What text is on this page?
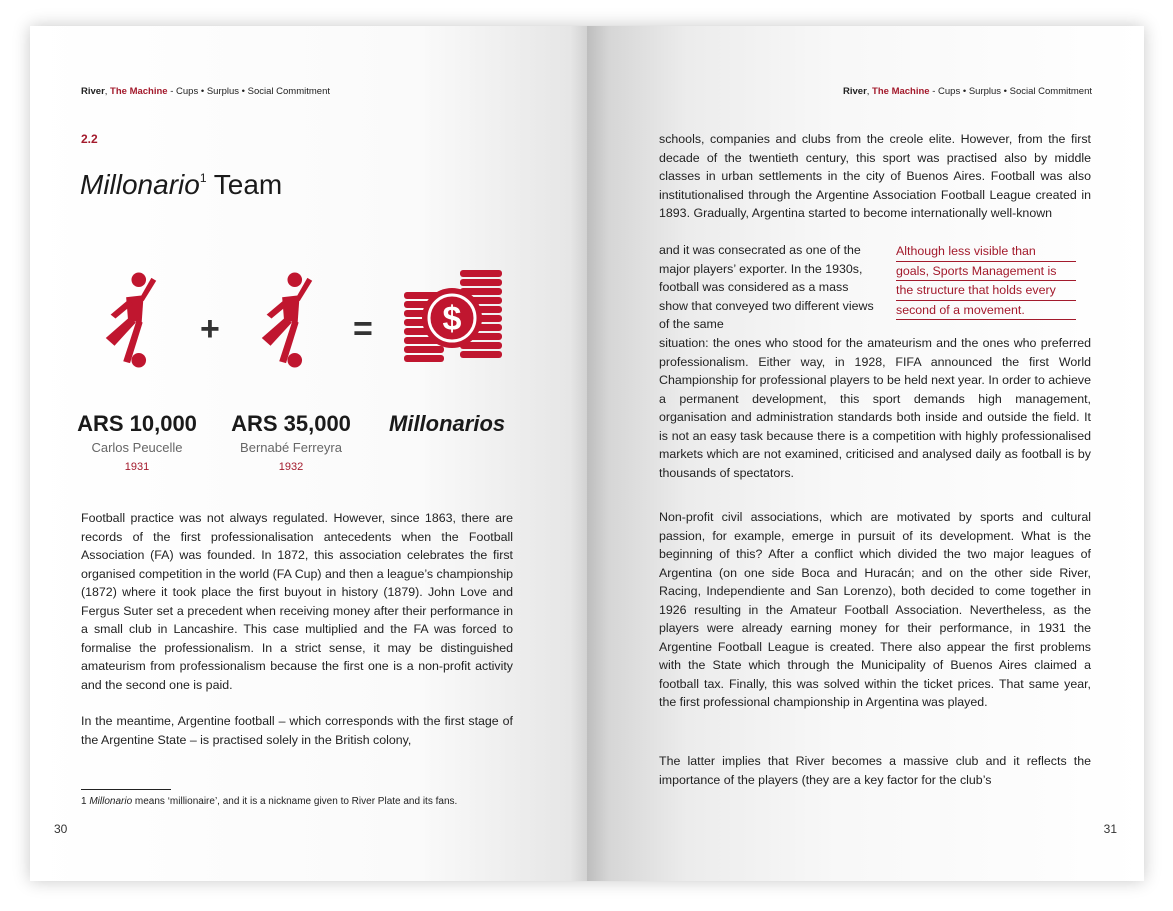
River, The Machine - Cups • Surplus • Social Commitment
2.2
Millonario$^1$ Team
+	= $
ARS 10,000
Carlos Peucelle
1931
ARS 35,000
Bernabé Ferreyra
1932
Millonarios

Football practice was not always regulated. However, since 1863, there are records of the first professionalisation antecedents when the Football Association (FA) was founded. In 1872, this association celebrates the first organised competition in the world (FA Cup) and then a league’s championship (1872) where it took place the first buyout in history (1879). John Love and Fergus Suter set a precedent when receiving money after their performance in a small club in Lancashire. This case multiplied and the FA was forced to formalise the professionalism. In a strict sense, it may be distinguished amateurism from professionalism because the first one is a non-profit activity and the second one is paid.

In the meantime, Argentine football – which corresponds with the first stage of the Argentine State – is practised solely in the British colony,

1 Millonario means ‘millionaire’, and it is a nickname given to River Plate and its fans.
30
River, The Machine - Cups • Surplus • Social Commitment

schools, companies and clubs from the creole elite. However, from the first decade of the twentieth century, this sport was practised also by middle classes in urban settlements in the city of Buenos Aires. Football was also institutionalised through the Argentine Association Football League created in 1893. Gradually, Argentina started to become internationally well-known

and it was consecrated as one of the major players’ exporter. In the 1930s, football was considered as a mass show that conveyed two different views of the same

Although less visible than
goals, Sports Management is
the structure that holds every
second of a movement.

situation: the ones who stood for the amateurism and the ones who preferred professionalism. Either way, in 1928, FIFA announced the first World Championship for professional players to be held next year. In order to achieve a permanent development, this sport demands high management, organisation and administration standards both inside and outside the field. It is not an easy task because there is a competition with highly professionalised markets which are not examined, criticised and analysed daily as football is by thousands of spectators.

Non-profit civil associations, which are motivated by sports and cultural passion, for example, emerge in pursuit of its development. What is the beginning of this? After a conflict which divided the two major leagues of Argentina (on one side Boca and Huracán; and on the other side River, Racing, Independiente and San Lorenzo), both decided to come together in 1926 resulting in the Amateur Football Association. Nevertheless, as the players were already earning money for their performance, in 1931 the Argentine Football League is created. There also appear the first problems with the State which through the Municipality of Buenos Aires claimed a football tax. Finally, this was solved within the ticket prices. That same year, the first professional championship in Argentina was played.

The latter implies that River becomes a massive club and it reflects the importance of the players (they are a key factor for the club’s

31
